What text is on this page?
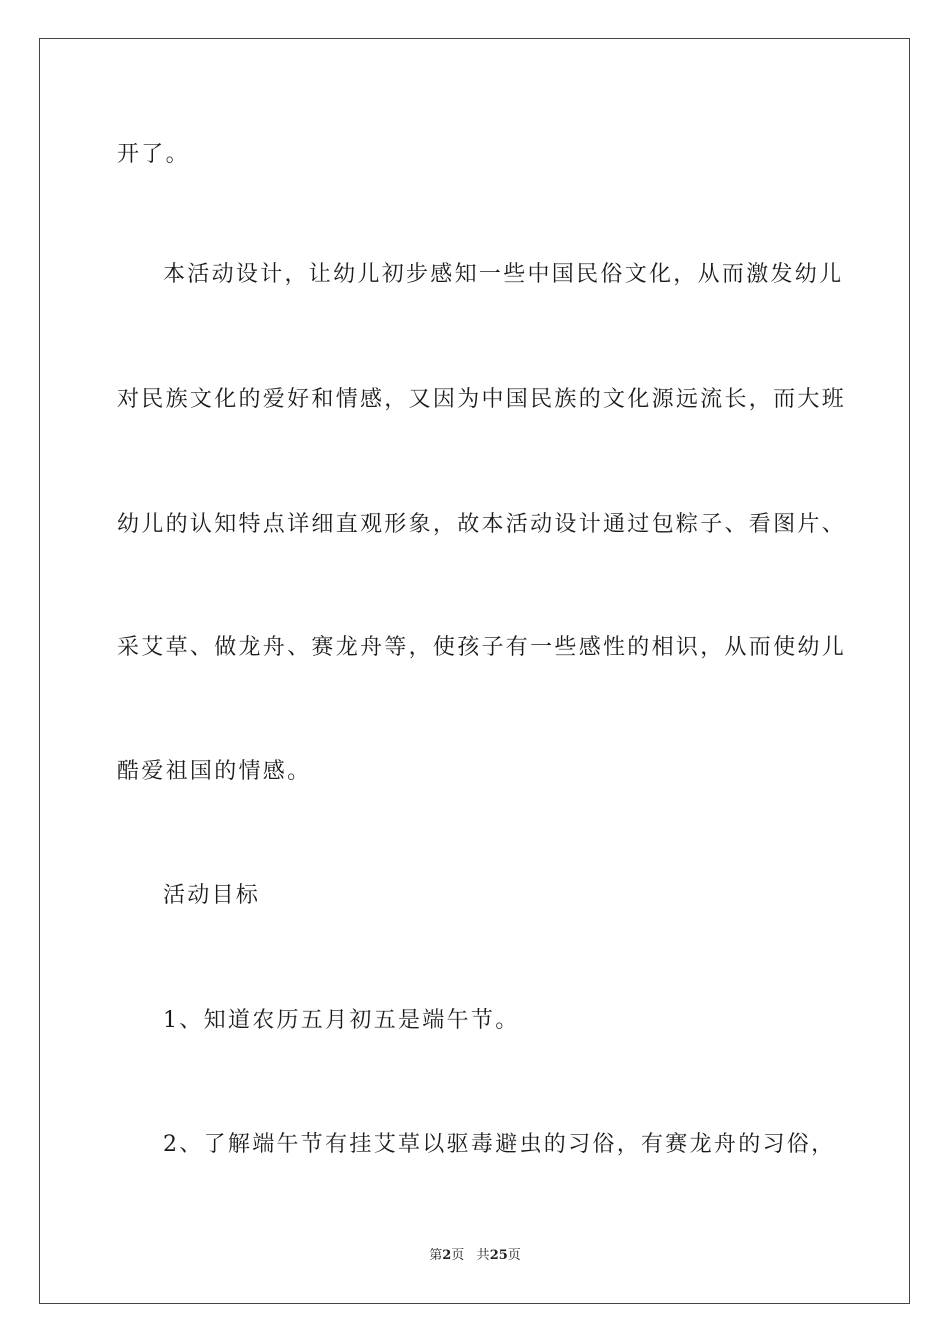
开了。
本活动设计，让幼儿初步感知一些中国民俗文化，从而激发幼儿
对民族文化的爱好和情感，又因为中国民族的文化源远流长，而大班
幼儿的认知特点详细直观形象，故本活动设计通过包粽子、看图片、
采艾草、做龙舟、赛龙舟等，使孩子有一些感性的相识，从而使幼儿
酷爱祖国的情感。
活动目标
1、知道农历五月初五是端午节。
2、了解端午节有挂艾草以驱毒避虫的习俗，有赛龙舟的习俗，
第2页 共25页
